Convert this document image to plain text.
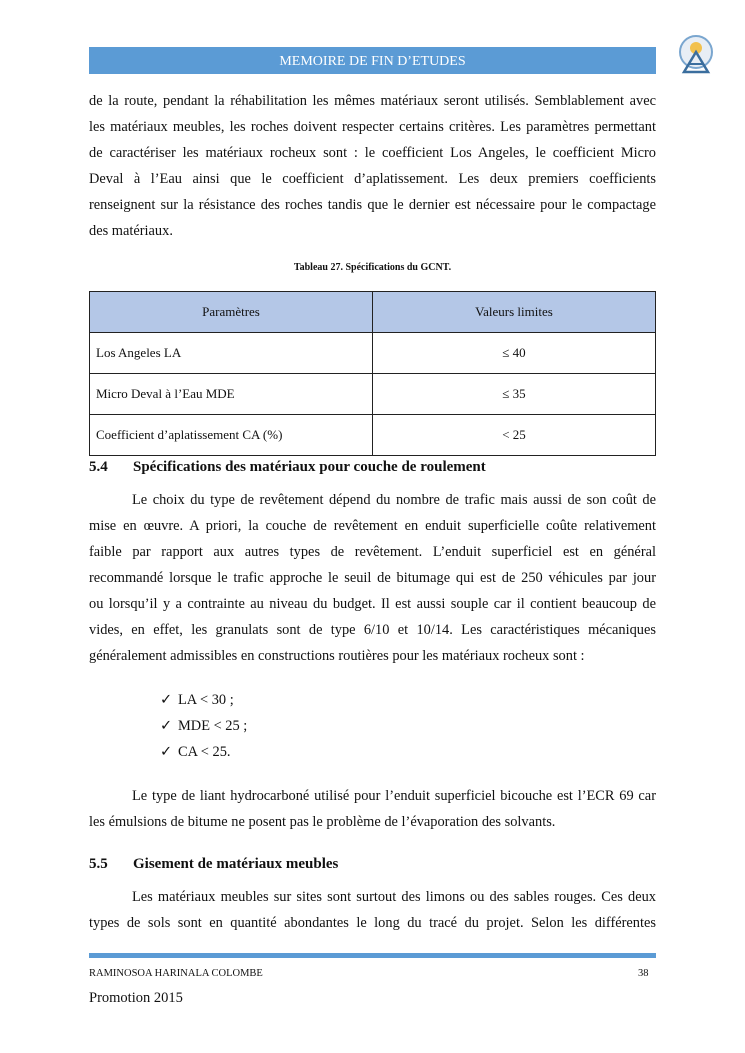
MEMOIRE DE FIN D’ETUDES
de la route, pendant la réhabilitation les mêmes matériaux seront utilisés. Semblablement avec
les matériaux meubles, les roches doivent respecter certains critères. Les paramètres permettant
de caractériser les matériaux rocheux sont : le coefficient Los Angeles, le coefficient Micro
Deval à l’Eau ainsi que le coefficient d’aplatissement. Les deux premiers coefficients
renseignent sur la résistance des roches tandis que le dernier est nécessaire pour le compactage
des matériaux.
Tableau 27. Spécifications du GCNT.
Paramètres	Valeurs limites
Los Angeles LA	≤ 40
Micro Deval à l’Eau MDE	≤ 35
Coefficient d’aplatissement CA (%)	< 25
5.4 Spécifications des matériaux pour couche de roulement
Le choix du type de revêtement dépend du nombre de trafic mais aussi de son coût de
mise en œuvre. A priori, la couche de revêtement en enduit superficielle coûte relativement
faible par rapport aux autres types de revêtement. L’enduit superficiel est en général
recommandé lorsque le trafic approche le seuil de bitumage qui est de 250 véhicules par jour
ou lorsqu’il y a contrainte au niveau du budget. Il est aussi souple car il contient beaucoup de
vides, en effet, les granulats sont de type 6/10 et 10/14. Les caractéristiques mécaniques
généralement admissibles en constructions routières pour les matériaux rocheux sont :
✓ LA < 30 ;
✓ MDE < 25 ;
✓ CA < 25.
Le type de liant hydrocarboné utilisé pour l’enduit superficiel bicouche est l’ECR 69 car
les émulsions de bitume ne posent pas le problème de l’évaporation des solvants.
5.5 Gisement de matériaux meubles
Les matériaux meubles sur sites sont surtout des limons ou des sables rouges. Ces deux
types de sols sont en quantité abondantes le long du tracé du projet. Selon les différentes
RAMINOSOA HARINALA COLOMBE	38
Promotion 2015
